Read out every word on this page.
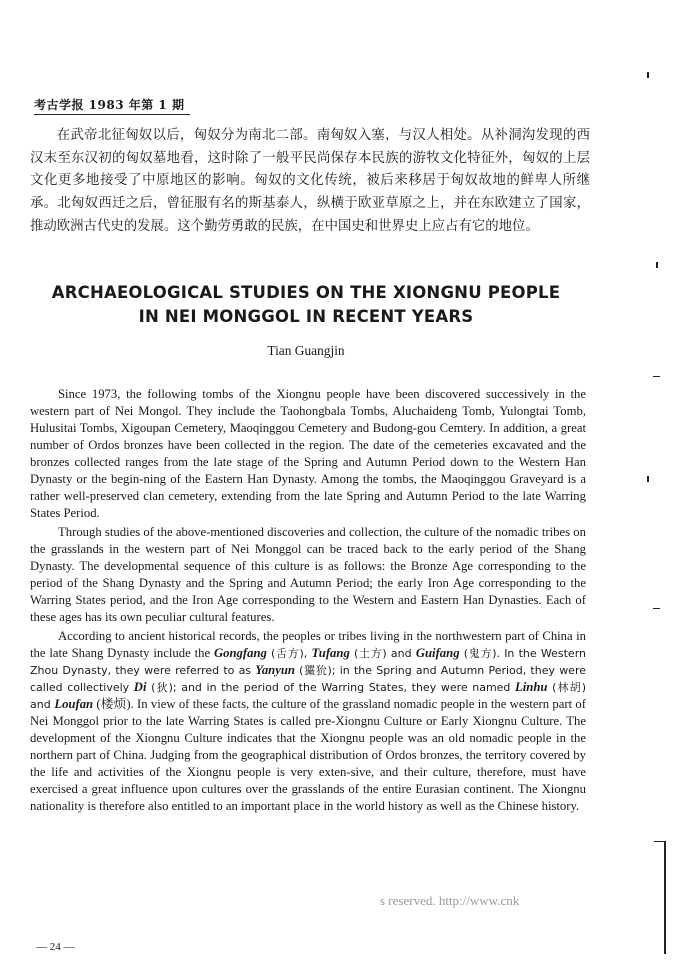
考古学报 1983 年第 1 期

在武帝北征匈奴以后，匈奴分为南北二部。南匈奴入塞，与汉人相处。从补洞沟发现的西汉末至东汉初的匈奴墓地看，这时除了一般平民尚保存本民族的游牧文化特征外，匈奴的上层文化更多地接受了中原地区的影响。匈奴的文化传统，被后来移居于匈奴故地的鲜卑人所继承。北匈奴西迁之后，曾征服有名的斯基泰人，纵横于欧亚草原之上，并在东欧建立了国家，推动欧洲古代史的发展。这个勤劳勇敢的民族，在中国史和世界史上应占有它的地位。

ARCHAEOLOGICAL STUDIES ON THE XIONGNU PEOPLE
IN NEI MONGGOL IN RECENT YEARS
Tian Guangjin

Since 1973, the following tombs of the Xiongnu people have been discovered successively in the western part of Nei Mongol. They include the Taohongbala Tombs, Aluchaideng Tomb, Yulongtai Tomb, Hulusitai Tombs, Xigoupan Cemetery, Maoqinggou Cemetery and Budong-gou Cemtery. In addition, a great number of Ordos bronzes have been collected in the region. The date of the cemeteries excavated and the bronzes collected ranges from the late stage of the Spring and Autumn Period down to the Western Han Dynasty or the begin-ning of the Eastern Han Dynasty. Among the tombs, the Maoqinggou Graveyard is a rather well-preserved clan cemetery, extending from the late Spring and Autumn Period to the late Warring States Period.

Through studies of the above-mentioned discoveries and collection, the culture of the nomadic tribes on the grasslands in the western part of Nei Monggol can be traced back to the early period of the Shang Dynasty. The developmental sequence of this culture is as follows: the Bronze Age corresponding to the period of the Shang Dynasty and the Spring and Autumn Period; the early Iron Age corresponding to the Warring States period, and the Iron Age corresponding to the Western and Eastern Han Dynasties. Each of these ages has its own peculiar cultural features.

According to ancient historical records, the peoples or tribes living in the northwestern part of China in the late Shang Dynasty include the Gongfang (舌方), Tufang (土方) and Guifang (鬼方). In the Western Zhou Dynasty, they were referred to as Yanyun (玁狁); in the Spring and Autumn Period, they were called collectively Di (狄); and in the period of the Warring States, they were named Linhu (林胡) and Loufan (楼烦). In view of these facts, the culture of the grassland nomadic people in the western part of Nei Monggol prior to the late Warring States is called pre-Xiongnu Culture or Early Xiongnu Culture. The development of the Xiongnu Culture indicates that the Xiongnu people was an old nomadic people in the northern part of China. Judging from the geographical distribution of Ordos bronzes, the territory covered by the life and activities of the Xiongnu people is very exten-sive, and their culture, therefore, must have exercised a great influence upon cultures over the grasslands of the entire Eurasian continent. The Xiongnu nationality is therefore also entitled to an important place in the world history as well as the Chinese history.

s reserved. http://www.cnk
— 24 —
